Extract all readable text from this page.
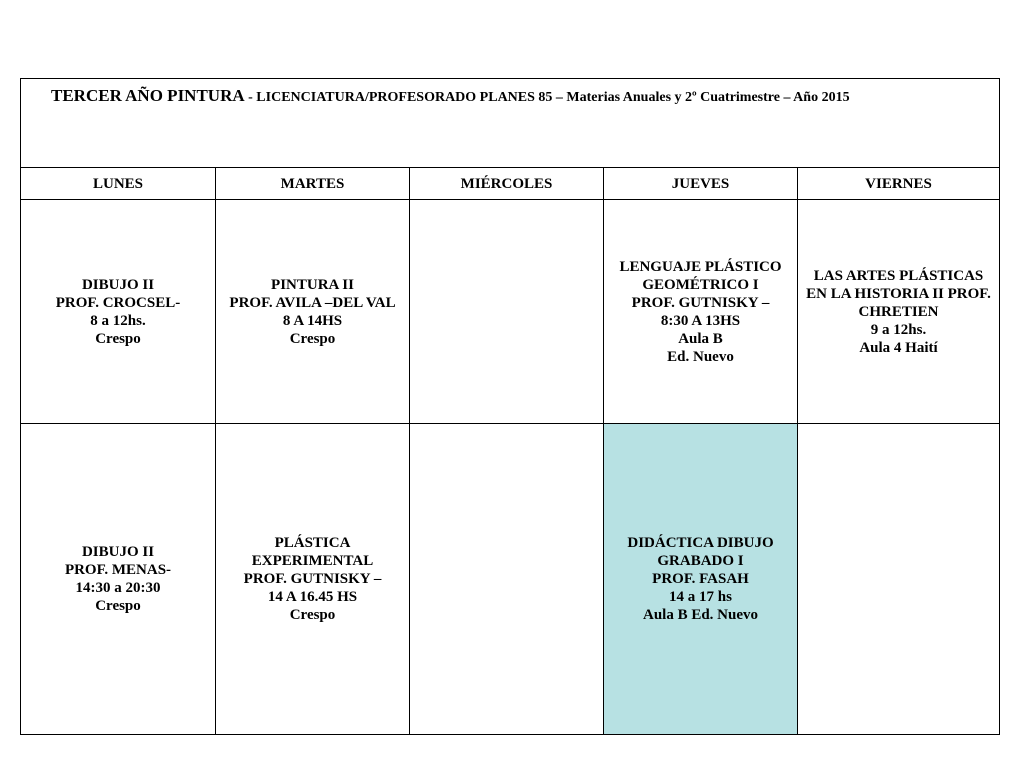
TERCER AÑO PINTURA - LICENCIATURA/PROFESORADO PLANES 85 – Materias Anuales y 2º Cuatrimestre – Año 2015				
LUNES	MARTES	MIÉRCOLES	JUEVES	VIERNES

DIBUJO II
PROF. CROCSEL-
8 a 12hs.
Crespo	PINTURA II
PROF. AVILA –DEL VAL
8 A 14HS
Crespo		LENGUAJE PLÁSTICO GEOMÉTRICO I
PROF. GUTNISKY –
8:30 A 13HS
Aula B
Ed. Nuevo	LAS ARTES PLÁSTICAS EN LA HISTORIA II PROF. CHRETIEN
9 a 12hs.
Aula 4 Haití

DIBUJO II
PROF. MENAS-
14:30 a 20:30
Crespo	PLÁSTICA EXPERIMENTAL
PROF. GUTNISKY –
14 A 16.45 HS
Crespo		DIDÁCTICA DIBUJO GRABADO I
PROF. FASAH
14 a 17 hs
Aula B Ed. Nuevo	
